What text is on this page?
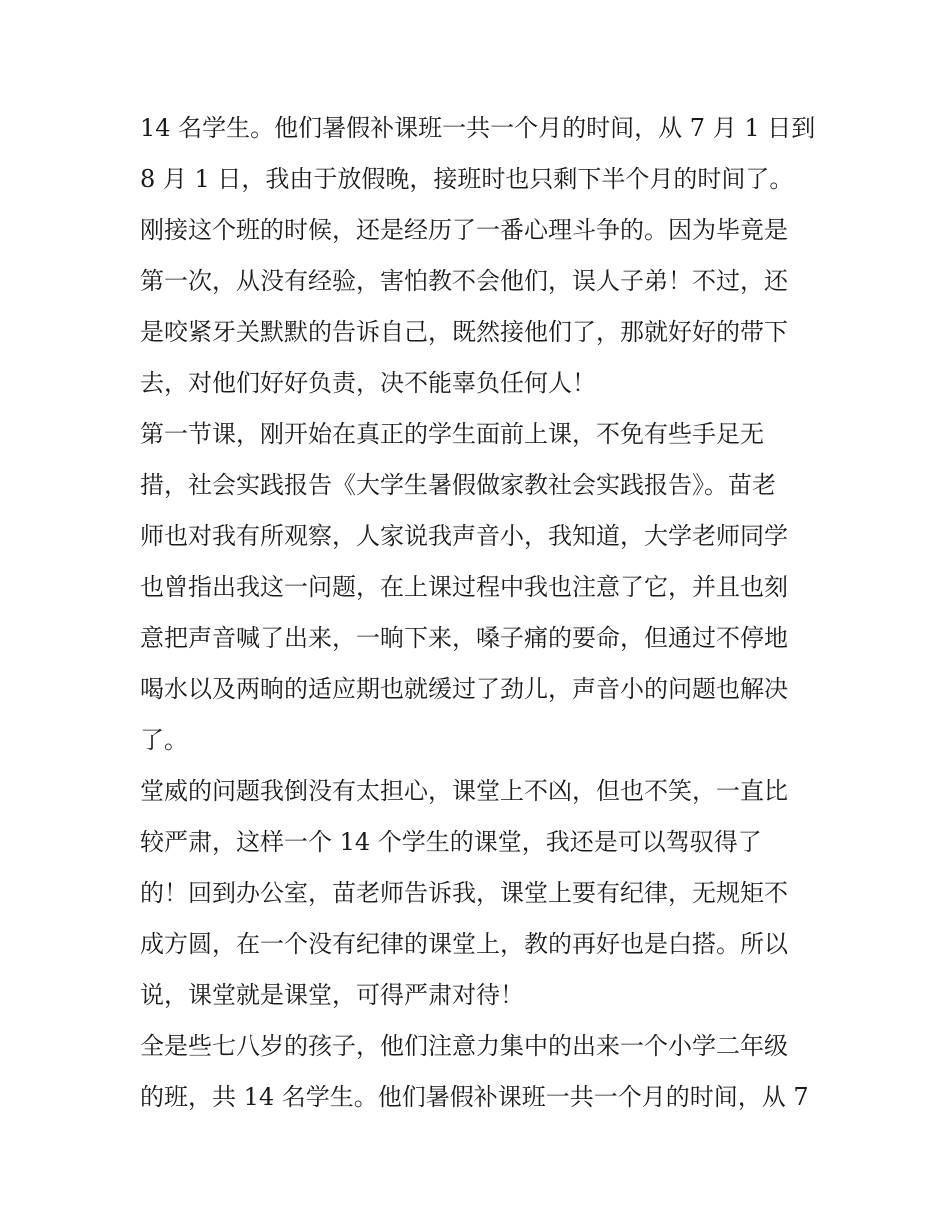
14 名学生。他们暑假补课班一共一个月的时间，从 7 月 1 日到
8 月 1 日，我由于放假晚，接班时也只剩下半个月的时间了。
刚接这个班的时候，还是经历了一番心理斗争的。因为毕竟是
第一次，从没有经验，害怕教不会他们，误人子弟！不过，还
是咬紧牙关默默的告诉自己，既然接他们了，那就好好的带下
去，对他们好好负责，决不能辜负任何人！
第一节课，刚开始在真正的学生面前上课，不免有些手足无
措，社会实践报告《大学生暑假做家教社会实践报告》。苗老
师也对我有所观察，人家说我声音小，我知道，大学老师同学
也曾指出我这一问题，在上课过程中我也注意了它，并且也刻
意把声音喊了出来，一晌下来，嗓子痛的要命，但通过不停地
喝水以及两晌的适应期也就缓过了劲儿，声音小的问题也解决
了。
堂威的问题我倒没有太担心，课堂上不凶，但也不笑，一直比
较严肃，这样一个 14 个学生的课堂，我还是可以驾驭得了
的！回到办公室，苗老师告诉我，课堂上要有纪律，无规矩不
成方圆，在一个没有纪律的课堂上，教的再好也是白搭。所以
说，课堂就是课堂，可得严肃对待！
全是些七八岁的孩子，他们注意力集中的出来一个小学二年级
的班，共 14 名学生。他们暑假补课班一共一个月的时间，从 7
